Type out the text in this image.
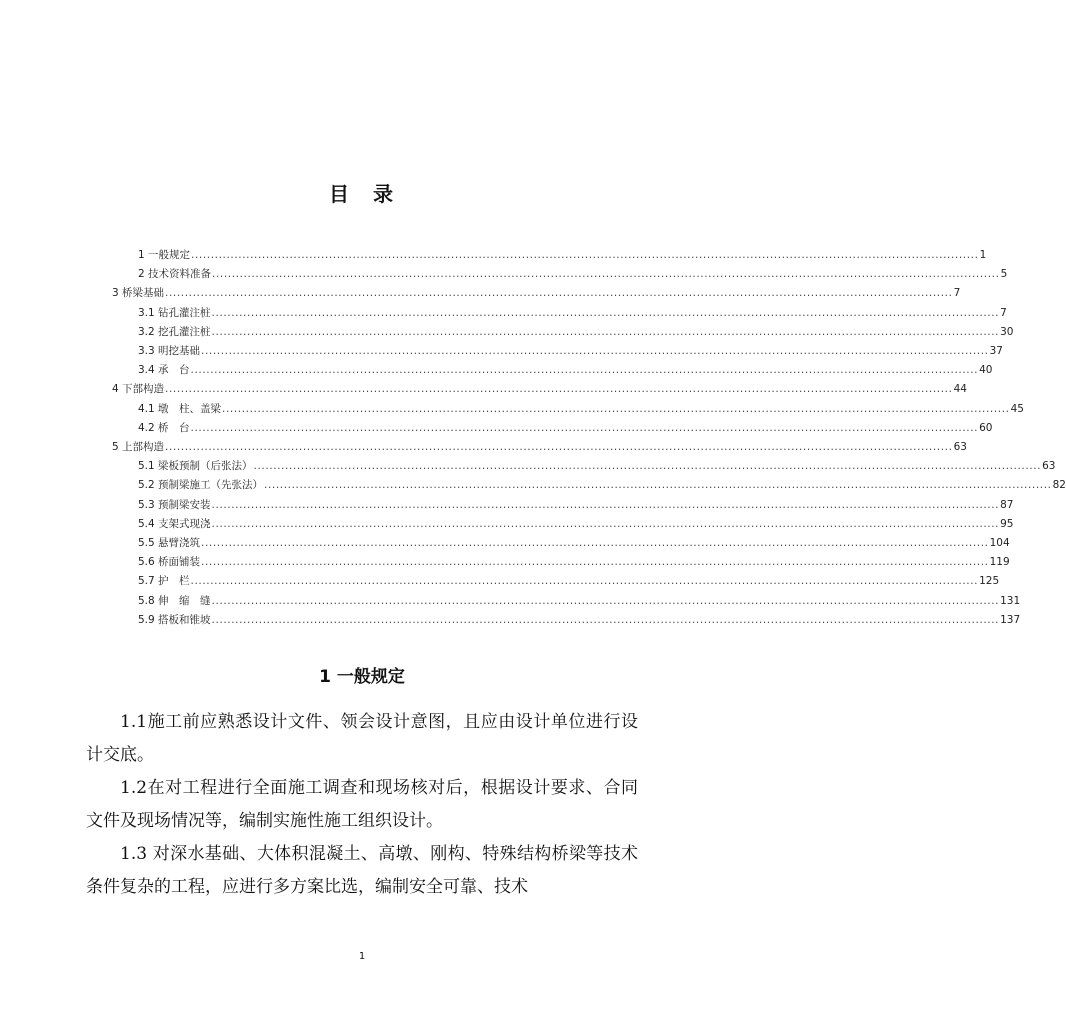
目　录
1 一般规定 ........................................................................................................................................................................................................ 1
2 技术资料准备 ........................................................................................................................................................................................................ 5
3 桥梁基础 ........................................................................................................................................................................................................ 7
3.1 钻孔灌注桩 ........................................................................................................................................................................................................ 7
3.2 挖孔灌注桩 ........................................................................................................................................................................................................ 30
3.3 明挖基础 ........................................................................................................................................................................................................ 37
3.4 承　台 ........................................................................................................................................................................................................ 40
4 下部构造 ........................................................................................................................................................................................................ 44
4.1 墩　柱、盖梁 ........................................................................................................................................................................................................ 45
4.2 桥　台 ........................................................................................................................................................................................................ 60
5 上部构造 ........................................................................................................................................................................................................ 63
5.1 梁板预制（后张法） ........................................................................................................................................................................................................ 63
5.2 预制梁施工（先张法） ........................................................................................................................................................................................................ 82
5.3 预制梁安装 ........................................................................................................................................................................................................ 87
5.4 支架式现浇 ........................................................................................................................................................................................................ 95
5.5 悬臂浇筑 ........................................................................................................................................................................................................ 104
5.6 桥面铺装 ........................................................................................................................................................................................................ 119
5.7 护　栏 ........................................................................................................................................................................................................ 125
5.8 伸　缩　缝 ........................................................................................................................................................................................................ 131
5.9 搭板和锥坡 ........................................................................................................................................................................................................ 137
1 一般规定

1.1施工前应熟悉设计文件、领会设计意图，且应由设计单位进行设计交底。

1.2在对工程进行全面施工调查和现场核对后，根据设计要求、合同文件及现场情况等，编制实施性施工组织设计。

1.3 对深水基础、大体积混凝土、高墩、刚构、特殊结构桥梁等技术条件复杂的工程，应进行多方案比选，编制安全可靠、技术

1
